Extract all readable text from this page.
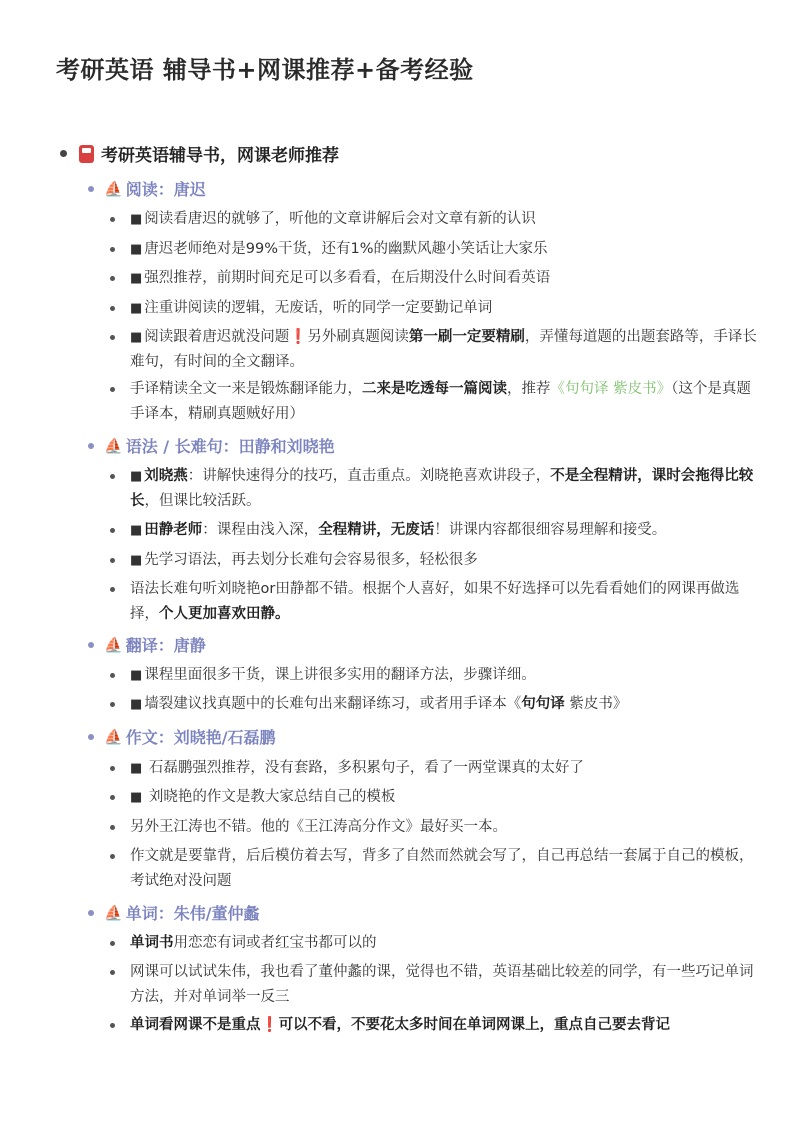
考研英语 辅导书+网课推荐+备考经验
考研英语辅导书，网课老师推荐
⛵ 阅读：唐迟
■ 阅读看唐迟的就够了，听他的文章讲解后会对文章有新的认识
■ 唐迟老师绝对是99%干货，还有1%的幽默风趣小笑话让大家乐
■ 强烈推荐，前期时间充足可以多看看，在后期没什么时间看英语
■ 注重讲阅读的逻辑，无废话，听的同学一定要勤记单词
■ 阅读跟着唐迟就没问题❗另外刷真题阅读第一刷一定要精刷，弄懂每道题的出题套路等，手译长难句，有时间的全文翻译。
手译精读全文一来是锻炼翻译能力，二来是吃透每一篇阅读，推荐《句句译 紫皮书》（这个是真题手译本，精刷真题贼好用）
⛵ 语法 / 长难句：田静和刘晓艳
■ 刘晓燕：讲解快速得分的技巧，直击重点。刘晓艳喜欢讲段子，不是全程精讲，课时会拖得比较长，但课比较活跃。
■ 田静老师：课程由浅入深，全程精讲，无废话！讲课内容都很细容易理解和接受。
■ 先学习语法，再去划分长难句会容易很多，轻松很多
语法长难句听刘晓艳or田静都不错。根据个人喜好，如果不好选择可以先看看她们的网课再做选择，个人更加喜欢田静。
⛵ 翻译：唐静
■ 课程里面很多干货，课上讲很多实用的翻译方法，步骤详细。
■ 墙裂建议找真题中的长难句出来翻译练习，或者用手译本《句句译 紫皮书》
⛵ 作文：刘晓艳/石磊鹏
■ 石磊鹏强烈推荐，没有套路，多积累句子，看了一两堂课真的太好了
■ 刘晓艳的作文是教大家总结自己的模板
另外王江涛也不错。他的《王江涛高分作文》最好买一本。
作文就是要靠背，后后模仿着去写，背多了自然而然就会写了，自己再总结一套属于自己的模板，考试绝对没问题
⛵ 单词：朱伟/董仲蠡
单词书用恋恋有词或者红宝书都可以的
网课可以试试朱伟，我也看了董仲蠡的课，觉得也不错，英语基础比较差的同学，有一些巧记单词方法，并对单词举一反三
单词看网课不是重点❗可以不看，不要花太多时间在单词网课上，重点自己要去背记
